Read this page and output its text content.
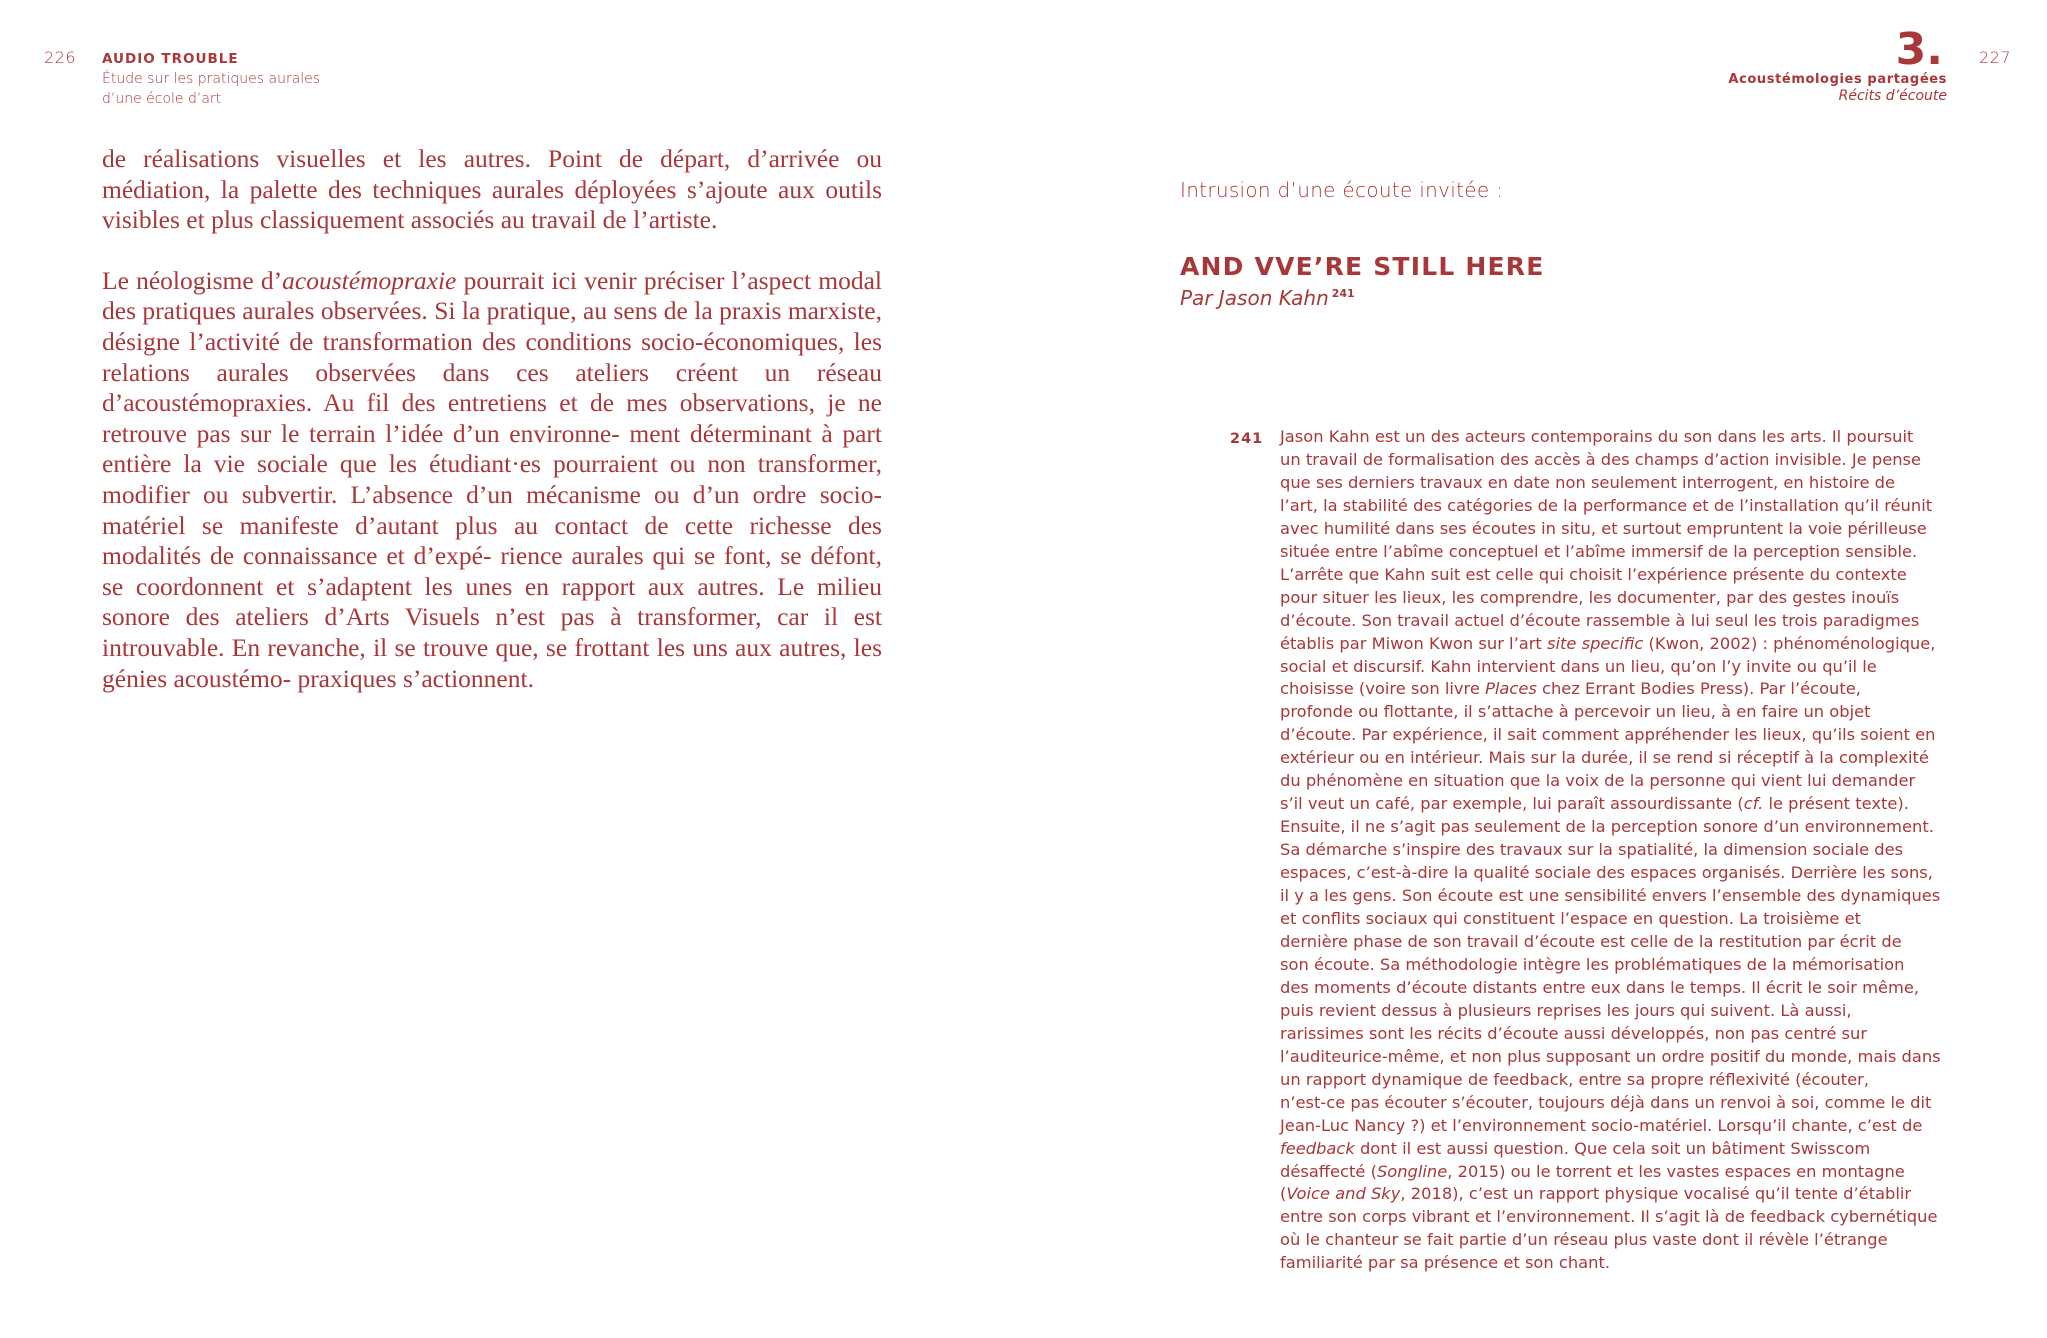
226 AUDIO TROUBLE
Étude sur les pratiques aurales
d’une école d’art

de réalisations visuelles et les autres. Point de départ, d’arrivée ou médiation, la palette des techniques aurales déployées s’ajoute aux outils visibles et plus classiquement associés au travail de l’artiste.

Le néologisme d’acoustémopraxie pourrait ici venir préciser l’aspect modal des pratiques aurales observées. Si la pratique, au sens de la praxis marxiste, désigne l’activité de transformation des conditions socio-économiques, les relations aurales observées dans ces ateliers créent un réseau d’acoustémopraxies. Au fil des entretiens et de mes observations, je ne retrouve pas sur le terrain l’idée d’un environne- ment déterminant à part entière la vie sociale que les étudiant·es pourraient ou non transformer, modifier ou subvertir. L’absence d’un mécanisme ou d’un ordre socio-matériel se manifeste d’autant plus au contact de cette richesse des modalités de connaissance et d’expé- rience aurales qui se font, se défont, se coordonnent et s’adaptent les unes en rapport aux autres. Le milieu sonore des ateliers d’Arts Visuels n’est pas à transformer, car il est introuvable. En revanche, il se trouve que, se frottant les uns aux autres, les génies acoustémo- praxiques s’actionnent.

3. 227
Acoustémologies partagées
Récits d’écoute
Intrusion d’une écoute invitée :
AND VVE’RE STILL HERE
Par Jason Kahn $^{241}$
241 Jason Kahn est un des acteurs contemporains du son dans les arts. Il poursuit
un travail de formalisation des accès à des champs d’action invisible. Je pense
que ses derniers travaux en date non seulement interrogent, en histoire de
l’art, la stabilité des catégories de la performance et de l’installation qu’il réunit
avec humilité dans ses écoutes in situ, et surtout empruntent la voie périlleuse
située entre l’abîme conceptuel et l’abîme immersif de la perception sensible.
L’arrête que Kahn suit est celle qui choisit l’expérience présente du contexte
pour situer les lieux, les comprendre, les documenter, par des gestes inouïs
d’écoute. Son travail actuel d’écoute rassemble à lui seul les trois paradigmes
établis par Miwon Kwon sur l’art site specific (Kwon, 2002) : phénoménologique,
social et discursif. Kahn intervient dans un lieu, qu’on l’y invite ou qu’il le
choisisse (voire son livre Places chez Errant Bodies Press). Par l’écoute,
profonde ou flottante, il s’attache à percevoir un lieu, à en faire un objet
d’écoute. Par expérience, il sait comment appréhender les lieux, qu’ils soient en
extérieur ou en intérieur. Mais sur la durée, il se rend si réceptif à la complexité
du phénomène en situation que la voix de la personne qui vient lui demander
s’il veut un café, par exemple, lui paraît assourdissante (cf. le présent texte).
Ensuite, il ne s’agit pas seulement de la perception sonore d’un environnement.
Sa démarche s’inspire des travaux sur la spatialité, la dimension sociale des
espaces, c’est-à-dire la qualité sociale des espaces organisés. Derrière les sons,
il y a les gens. Son écoute est une sensibilité envers l’ensemble des dynamiques
et conflits sociaux qui constituent l’espace en question. La troisième et
dernière phase de son travail d’écoute est celle de la restitution par écrit de
son écoute. Sa méthodologie intègre les problématiques de la mémorisation
des moments d’écoute distants entre eux dans le temps. Il écrit le soir même,
puis revient dessus à plusieurs reprises les jours qui suivent. Là aussi,
rarissimes sont les récits d’écoute aussi développés, non pas centré sur
l’auditeurice-même, et non plus supposant un ordre positif du monde, mais dans
un rapport dynamique de feedback, entre sa propre réflexivité (écouter,
n’est-ce pas écouter s’écouter, toujours déjà dans un renvoi à soi, comme le dit
Jean-Luc Nancy ?) et l’environnement socio-matériel. Lorsqu’il chante, c’est de
feedback dont il est aussi question. Que cela soit un bâtiment Swisscom
désaffecté (Songline, 2015) ou le torrent et les vastes espaces en montagne
(Voice and Sky, 2018), c’est un rapport physique vocalisé qu’il tente d’établir
entre son corps vibrant et l’environnement. Il s’agit là de feedback cybernétique
où le chanteur se fait partie d’un réseau plus vaste dont il révèle l’étrange
familiarité par sa présence et son chant.
